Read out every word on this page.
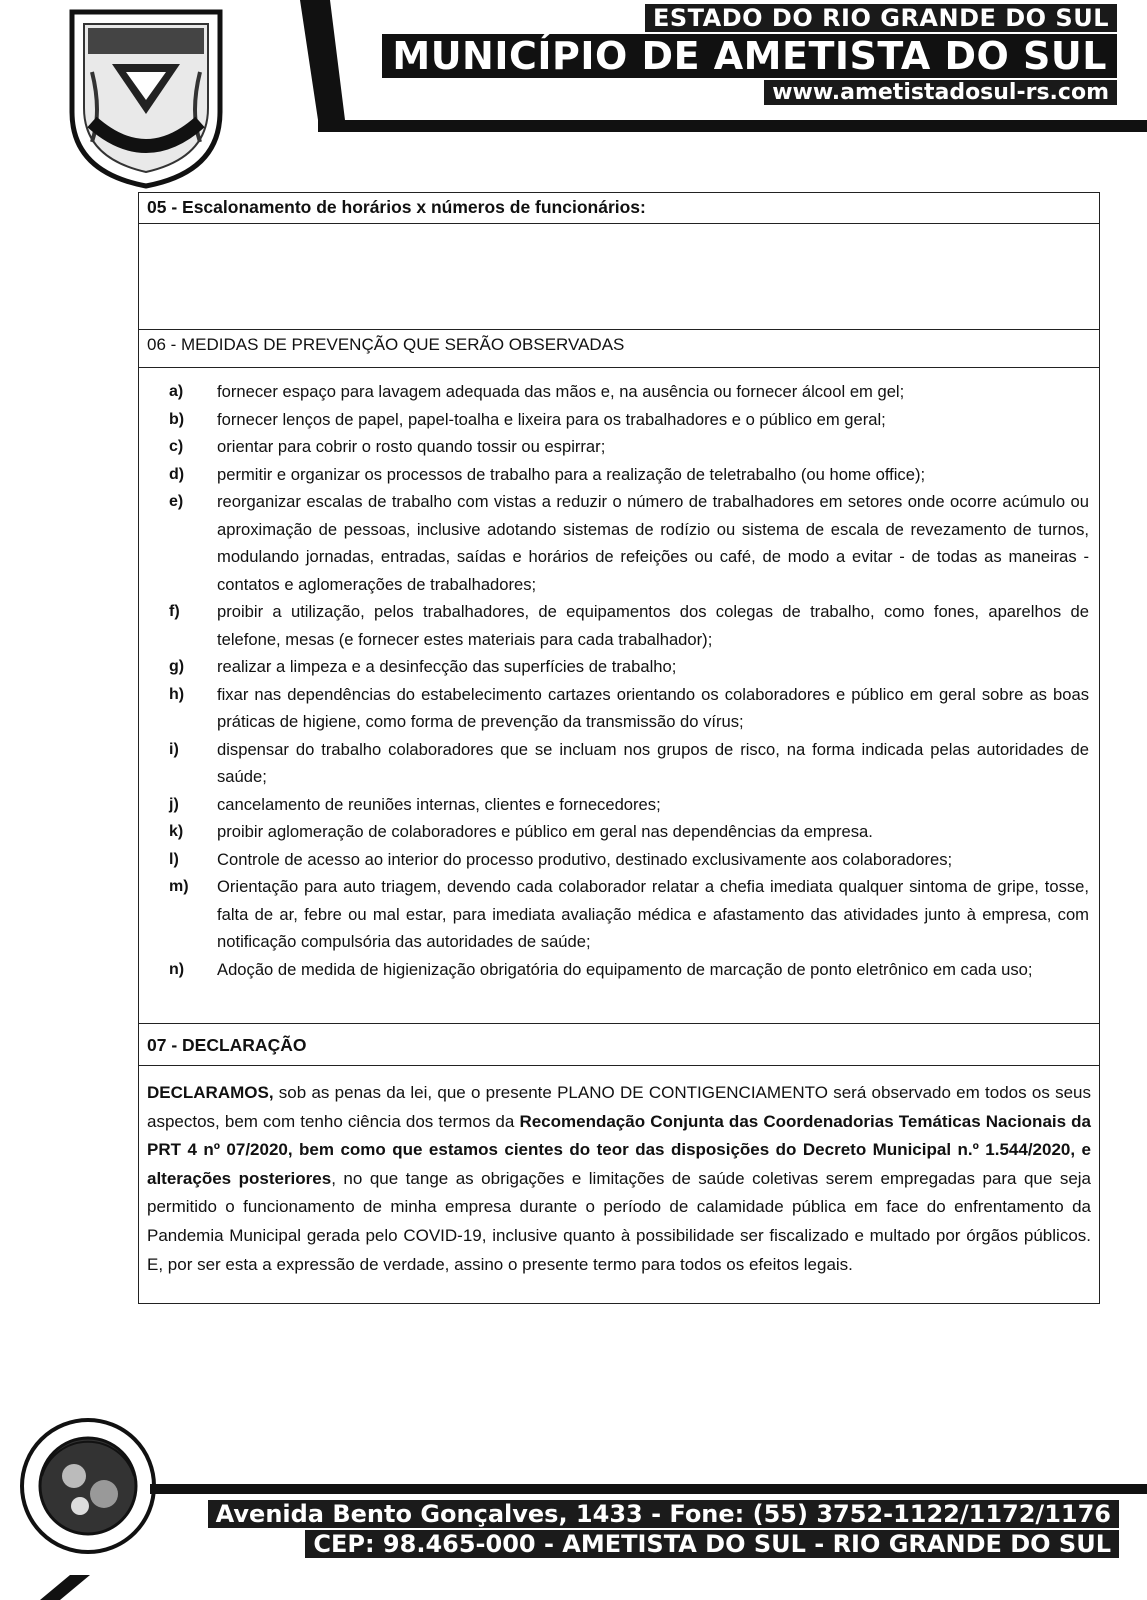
ESTADO DO RIO GRANDE DO SUL
MUNICÍPIO DE AMETISTA DO SUL
www.ametistadosul-rs.com
05 - Escalonamento de horários x números de funcionários:
06 - MEDIDAS DE PREVENÇÃO QUE SERÃO OBSERVADAS
a)	fornecer espaço para lavagem adequada das mãos e, na ausência ou fornecer álcool em gel;
b)	fornecer lenços de papel, papel-toalha e lixeira para os trabalhadores e o público em geral;
c)	orientar para cobrir o rosto quando tossir ou espirrar;
d)	permitir e organizar os processos de trabalho para a realização de teletrabalho (ou home office);
e)	reorganizar escalas de trabalho com vistas a reduzir o número de trabalhadores em setores onde ocorre acúmulo ou aproximação de pessoas, inclusive adotando sistemas de rodízio ou sistema de escala de revezamento de turnos, modulando jornadas, entradas, saídas e horários de refeições ou café, de modo a evitar - de todas as maneiras - contatos e aglomerações de trabalhadores;
f)	proibir a utilização, pelos trabalhadores, de equipamentos dos colegas de trabalho, como fones, aparelhos de telefone, mesas (e fornecer estes materiais para cada trabalhador);
g)	realizar a limpeza e a desinfecção das superfícies de trabalho;
h)	fixar nas dependências do estabelecimento cartazes orientando os colaboradores e público em geral sobre as boas práticas de higiene, como forma de prevenção da transmissão do vírus;
i)	dispensar do trabalho colaboradores que se incluam nos grupos de risco, na forma indicada pelas autoridades de saúde;
j)	cancelamento de reuniões internas, clientes e fornecedores;
k)	proibir aglomeração de colaboradores e público em geral nas dependências da empresa.
l)	Controle de acesso ao interior do processo produtivo, destinado exclusivamente aos colaboradores;
m)	Orientação para auto triagem, devendo cada colaborador relatar a chefia imediata qualquer sintoma de gripe, tosse, falta de ar, febre ou mal estar, para imediata avaliação médica e afastamento das atividades junto à empresa, com notificação compulsória das autoridades de saúde;
n)	Adoção de medida de higienização obrigatória do equipamento de marcação de ponto eletrônico em cada uso;
07 - DECLARAÇÃO
DECLARAMOS, sob as penas da lei, que o presente PLANO DE CONTIGENCIAMENTO será observado em todos os seus aspectos, bem com tenho ciência dos termos da Recomendação Conjunta das Coordenadorias Temáticas Nacionais da PRT 4 nº 07/2020, bem como que estamos cientes do teor das disposições do Decreto Municipal n.º 1.544/2020, e alterações posteriores, no que tange as obrigações e limitações de saúde coletivas serem empregadas para que seja permitido o funcionamento de minha empresa durante o período de calamidade pública em face do enfrentamento da Pandemia Municipal gerada pelo COVID-19, inclusive quanto à possibilidade ser fiscalizado e multado por órgãos públicos. E, por ser esta a expressão de verdade, assino o presente termo para todos os efeitos legais.
Avenida Bento Gonçalves, 1433 - Fone: (55) 3752-1122/1172/1176
CEP: 98.465-000 - AMETISTA DO SUL - RIO GRANDE DO SUL
